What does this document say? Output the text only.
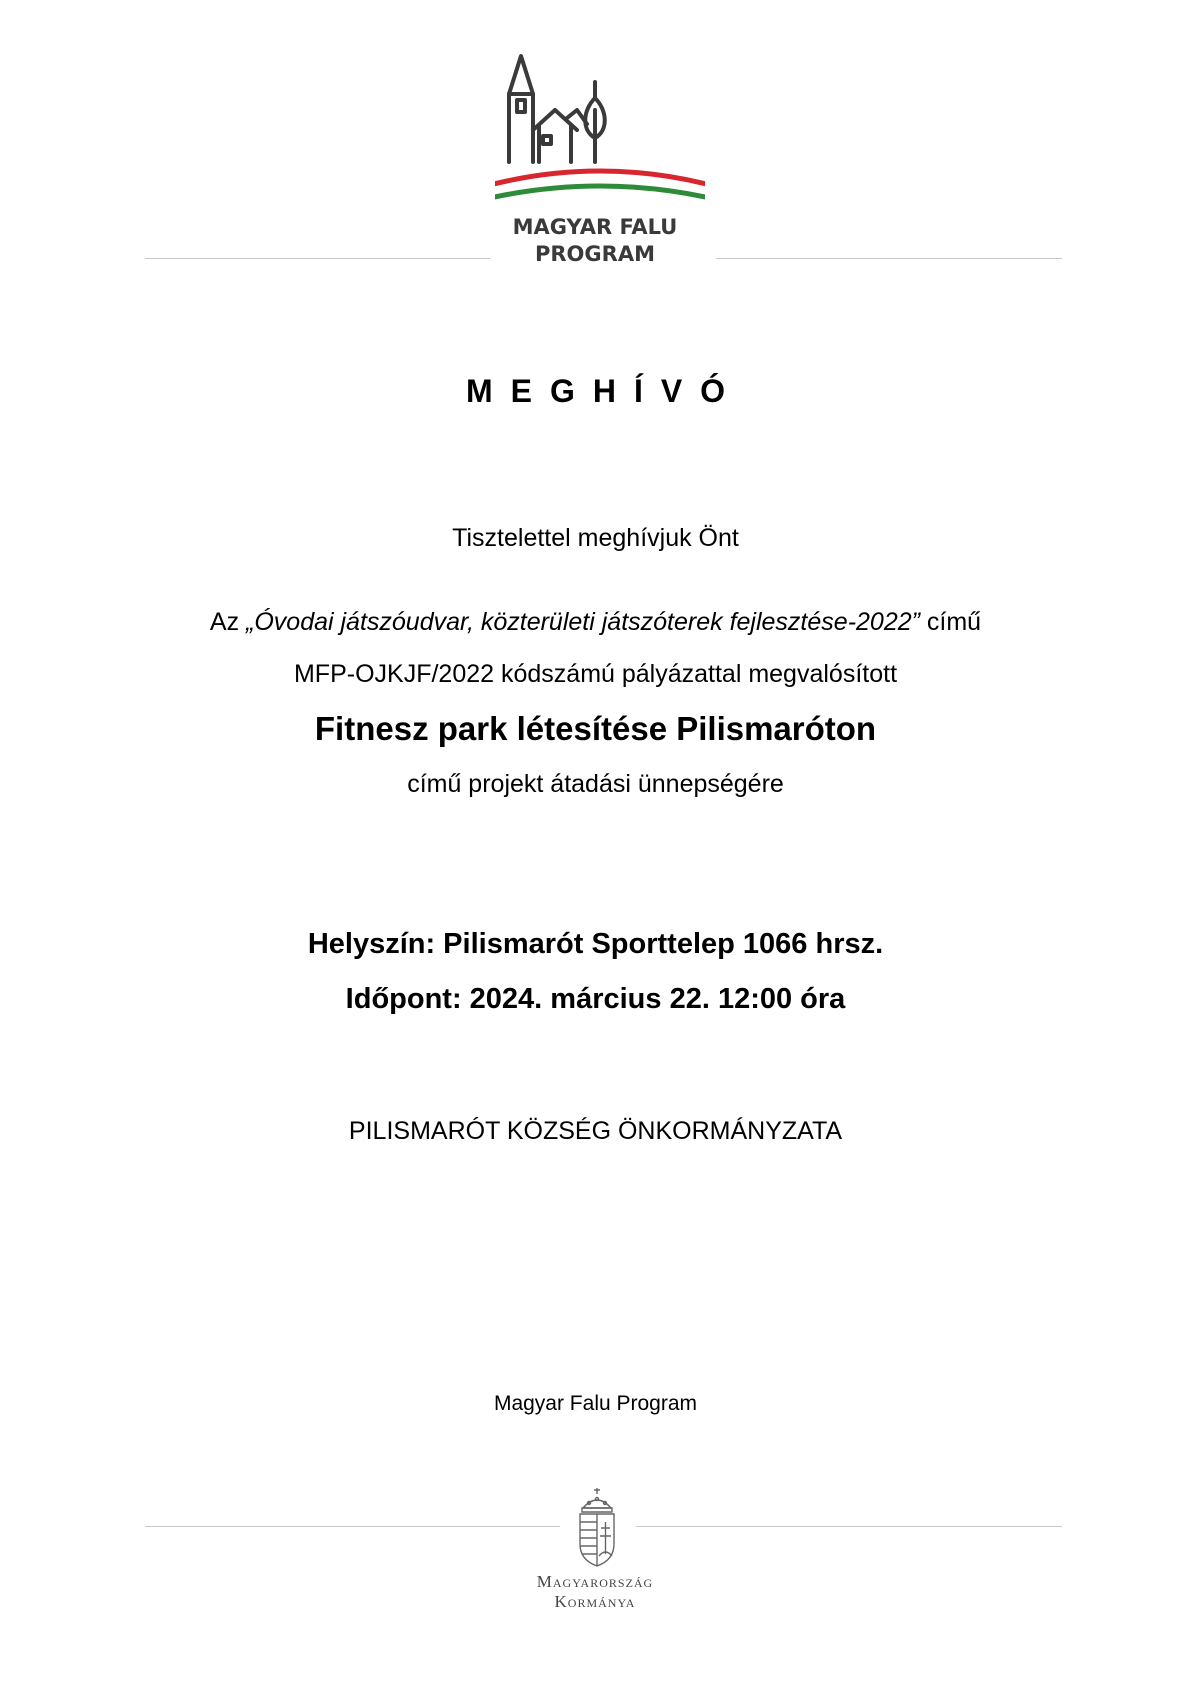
MAGYAR FALU
PROGRAM
MEGHÍVÓ
Tisztelettel meghívjuk Önt
Az „Óvodai játszóudvar, közterületi játszóterek fejlesztése-2022” című
MFP-OJKJF/2022 kódszámú pályázattal megvalósított
Fitnesz park létesítése Pilismaróton
című projekt átadási ünnepségére
Helyszín: Pilismarót Sporttelep 1066 hrsz.
Időpont: 2024. március 22. 12:00 óra
PILISMARÓT KÖZSÉG ÖNKORMÁNYZATA
Magyar Falu Program
Magyarország
Kormánya
